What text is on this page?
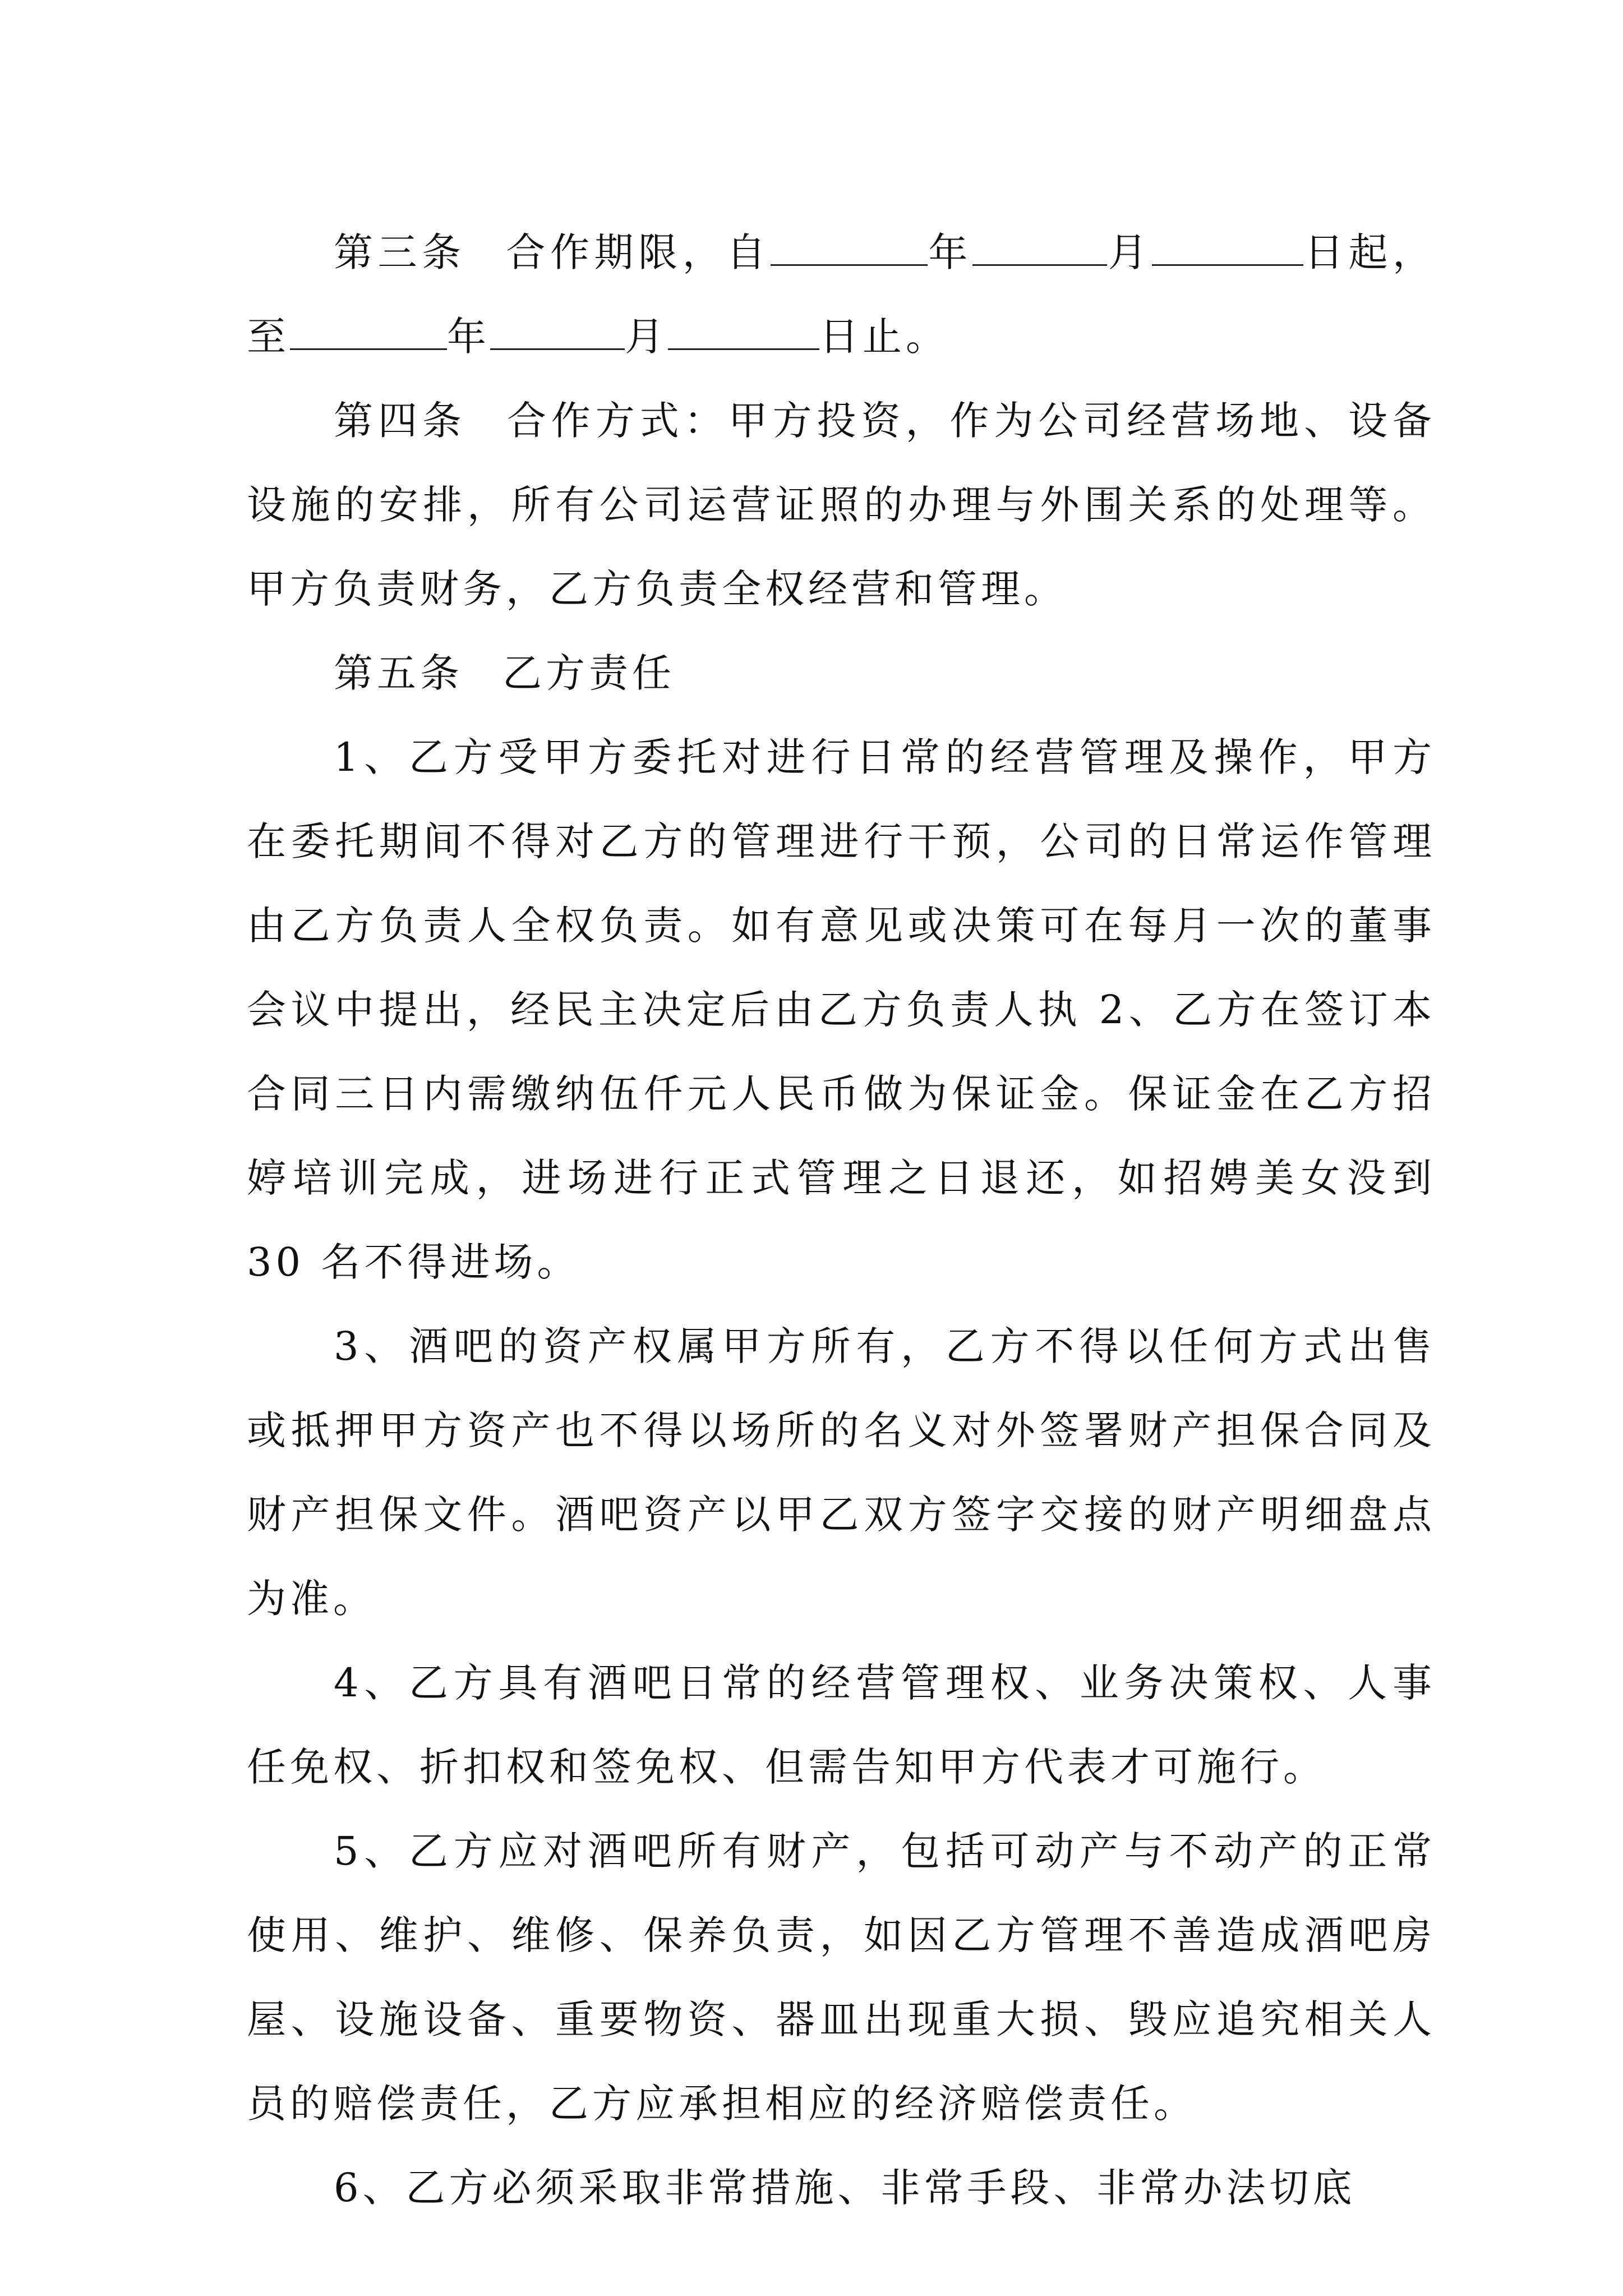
第三条 合作期限，自	年	月	日起，至	年	月	日止。

第四条 合作方式：甲方投资，作为公司经营场地、设备设施的安排，所有公司运营证照的办理与外围关系的处理等。甲方负责财务，乙方负责全权经营和管理。

第五条 乙方责任

1、乙方受甲方委托对进行日常的经营管理及操作，甲方在委托期间不得对乙方的管理进行干预，公司的日常运作管理由乙方负责人全权负责。如有意见或决策可在每月一次的董事会议中提出，经民主决定后由乙方负责人执 2、乙方在签订本合同三日内需缴纳伍仟元人民币做为保证金。保证金在乙方招婷培训完成，进场进行正式管理之日退还，如招娉美女没到 30 名不得进场。

3、酒吧的资产权属甲方所有，乙方不得以任何方式出售或抵押甲方资产也不得以场所的名义对外签署财产担保合同及财产担保文件。酒吧资产以甲乙双方签字交接的财产明细盘点为准。

4、乙方具有酒吧日常的经营管理权、业务决策权、人事任免权、折扣权和签免权、但需告知甲方代表才可施行。

5、乙方应对酒吧所有财产，包括可动产与不动产的正常使用、维护、维修、保养负责，如因乙方管理不善造成酒吧房屋、设施设备、重要物资、器皿出现重大损、毁应追究相关人员的赔偿责任，乙方应承担相应的经济赔偿责任。

6、乙方必须采取非常措施、非常手段、非常办法切底
